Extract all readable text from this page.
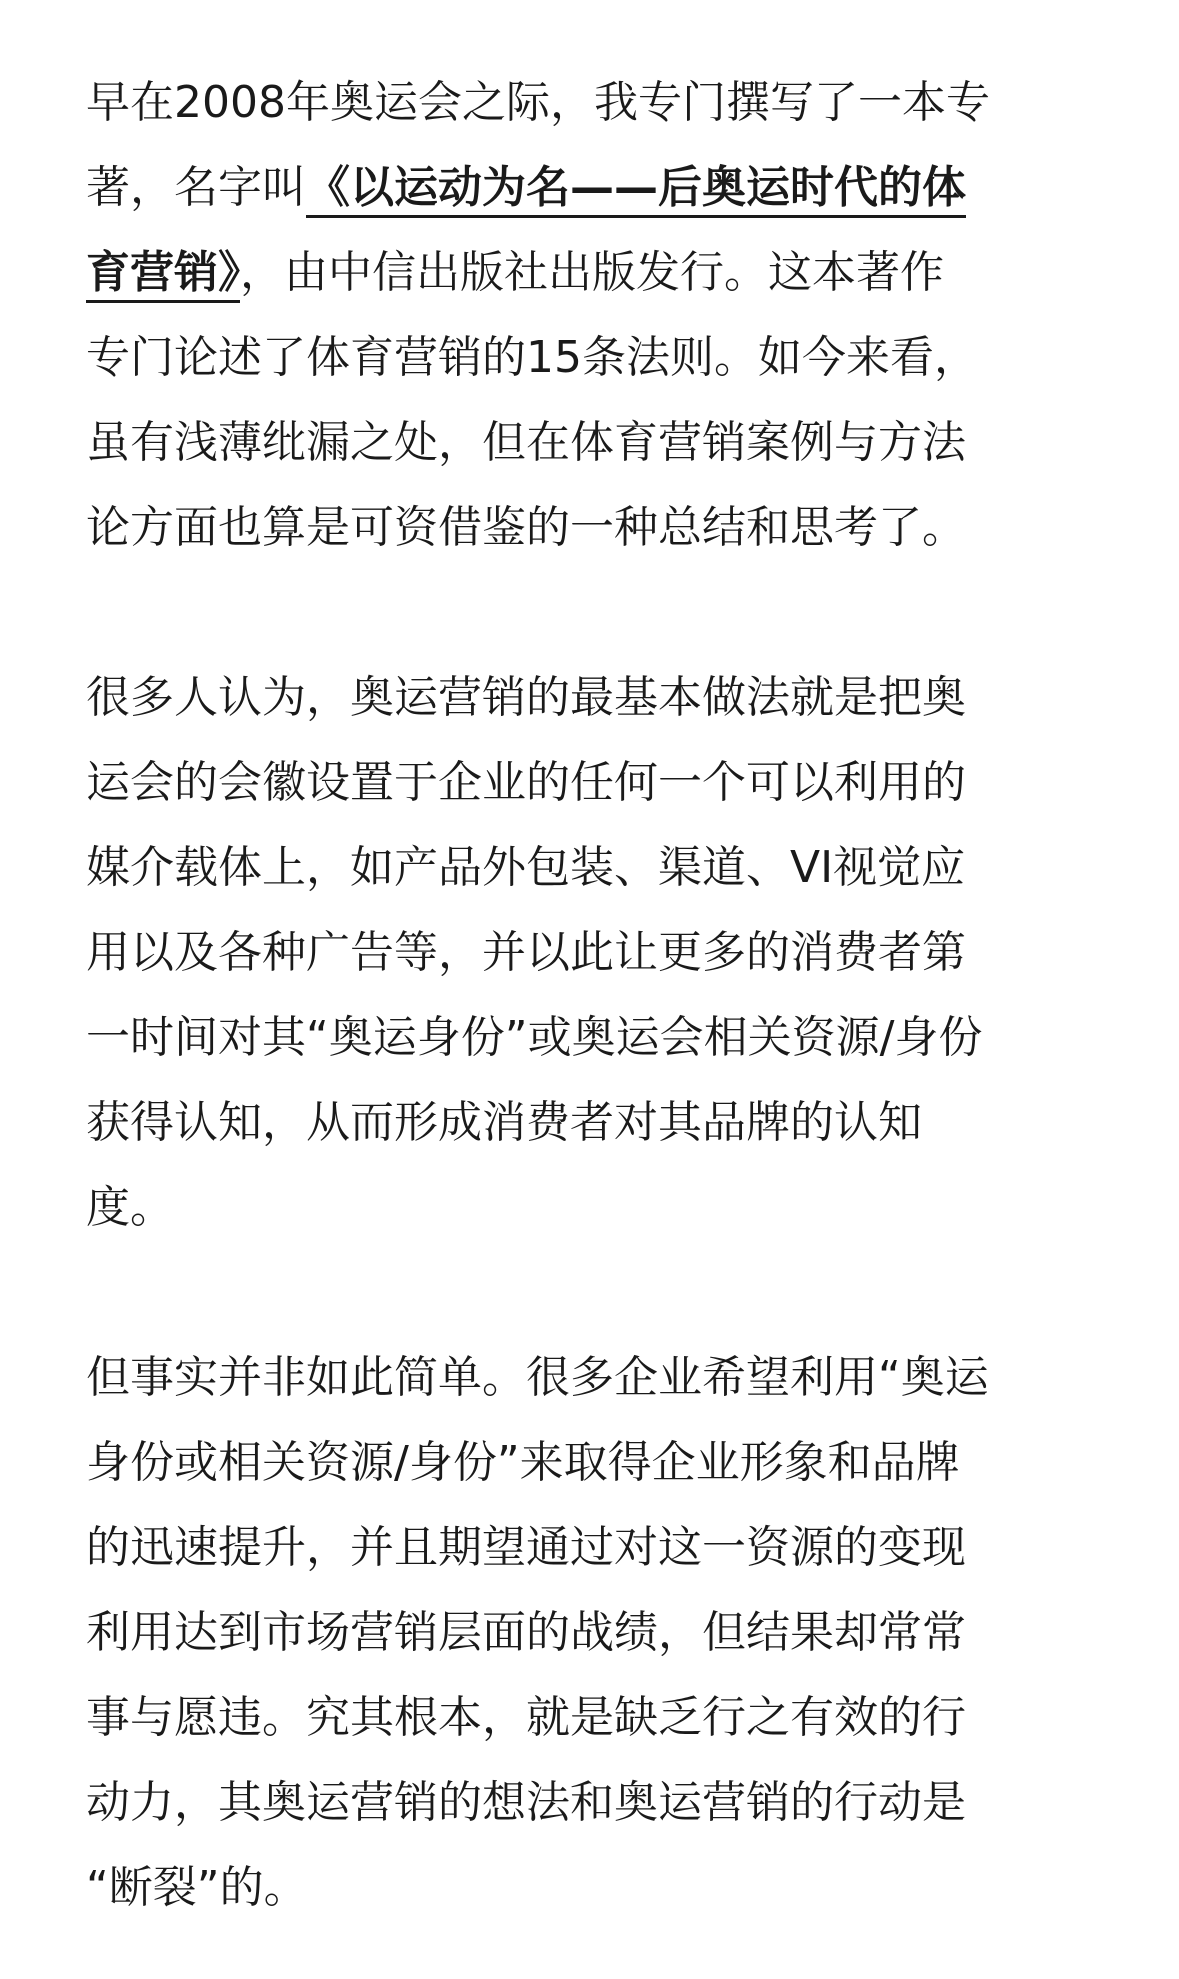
早在2008年奥运会之际，我专门撰写了一本专
著，名字叫《以运动为名——后奥运时代的体
育营销》，由中信出版社出版发行。这本著作
专门论述了体育营销的15条法则。如今来看，
虽有浅薄纰漏之处，但在体育营销案例与方法
论方面也算是可资借鉴的一种总结和思考了。
很多人认为，奥运营销的最基本做法就是把奥
运会的会徽设置于企业的任何一个可以利用的
媒介载体上，如产品外包装、渠道、VI视觉应
用以及各种广告等，并以此让更多的消费者第
一时间对其“奥运身份”或奥运会相关资源/身份
获得认知，从而形成消费者对其品牌的认知
度。
但事实并非如此简单。很多企业希望利用“奥运
身份或相关资源/身份”来取得企业形象和品牌
的迅速提升，并且期望通过对这一资源的变现
利用达到市场营销层面的战绩，但结果却常常
事与愿违。究其根本，就是缺乏行之有效的行
动力，其奥运营销的想法和奥运营销的行动是
“断裂”的。
